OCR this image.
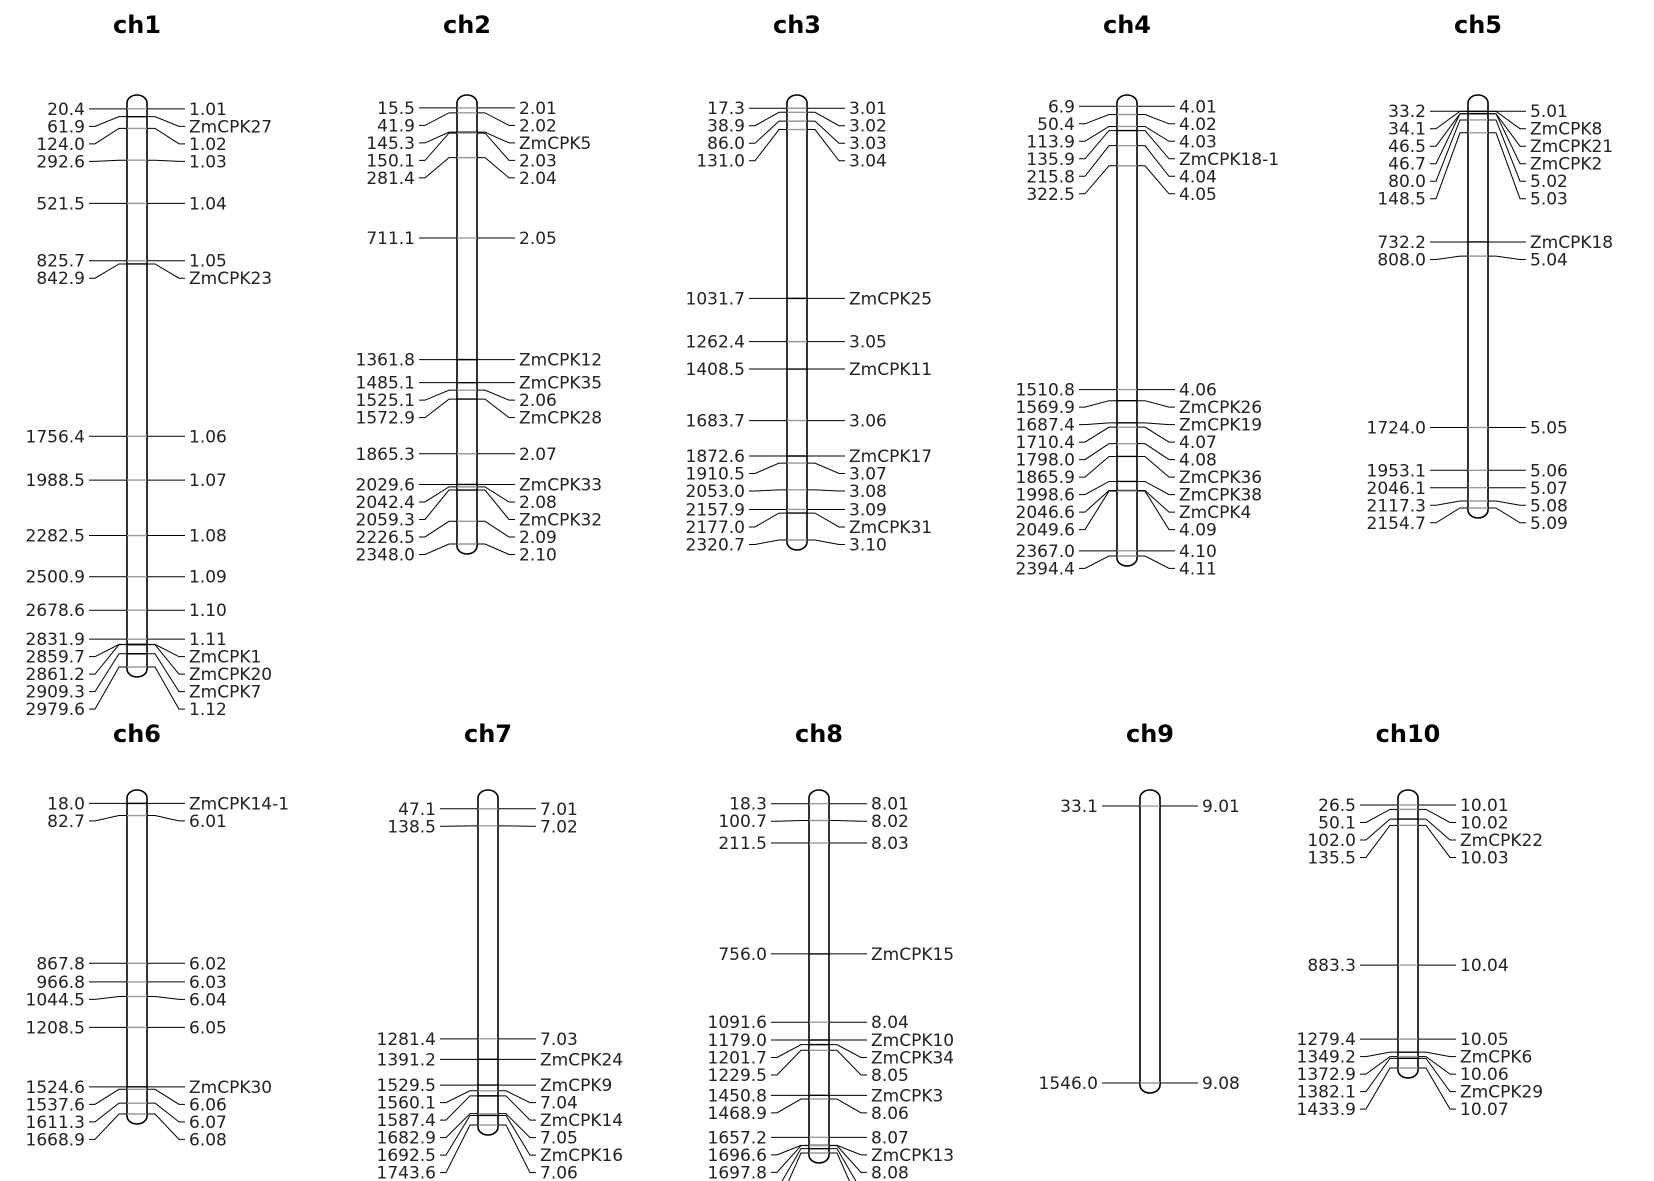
ch1
20.4	1.01
61.9	ZmCPK27
124.0	1.02
292.6	1.03
521.5	1.04
825.7	1.05
842.9	ZmCPK23
1756.4	1.06
1988.5	1.07
2282.5	1.08
2500.9	1.09
2678.6	1.10
2831.9	1.11
2859.7	ZmCPK1
2861.2	ZmCPK20
2909.3	ZmCPK7
2979.6	1.12
ch2
15.5	2.01
41.9	2.02
145.3	ZmCPK5
150.1	2.03
281.4	2.04
711.1	2.05
1361.8	ZmCPK12
1485.1	ZmCPK35
1525.1	2.06
1572.9	ZmCPK28
1865.3	2.07
2029.6	ZmCPK33
2042.4	2.08
2059.3	ZmCPK32
2226.5	2.09
2348.0	2.10
ch3
17.3	3.01
38.9	3.02
86.0	3.03
131.0	3.04
1031.7	ZmCPK25
1262.4	3.05
1408.5	ZmCPK11
1683.7	3.06
1872.6	ZmCPK17
1910.5	3.07
2053.0	3.08
2157.9	3.09
2177.0	ZmCPK31
2320.7	3.10
ch4
6.9	4.01
50.4	4.02
113.9	4.03
135.9	ZmCPK18-1
215.8	4.04
322.5	4.05
1510.8	4.06
1569.9	ZmCPK26
1687.4	ZmCPK19
1710.4	4.07
1798.0	4.08
1865.9	ZmCPK36
1998.6	ZmCPK38
2046.6	ZmCPK4
2049.6	4.09
2367.0	4.10
2394.4	4.11
ch5
33.2	5.01
34.1	ZmCPK8
46.5	ZmCPK21
46.7	ZmCPK2
80.0	5.02
148.5	5.03
732.2	ZmCPK18
808.0	5.04
1724.0	5.05
1953.1	5.06
2046.1	5.07
2117.3	5.08
2154.7	5.09
ch6
18.0	ZmCPK14-1
82.7	6.01
867.8	6.02
966.8	6.03
1044.5	6.04
1208.5	6.05
1524.6	ZmCPK30
1537.6	6.06
1611.3	6.07
1668.9	6.08
ch7
47.1	7.01
138.5	7.02
1281.4	7.03
1391.2	ZmCPK24
1529.5	ZmCPK9
1560.1	7.04
1587.4	ZmCPK14
1682.9	7.05
1692.5	ZmCPK16
1743.6	7.06
ch8
18.3	8.01
100.7	8.02
211.5	8.03
756.0	ZmCPK15
1091.6	8.04
1179.0	ZmCPK10
1201.7	ZmCPK34
1229.5	8.05
1450.8	ZmCPK3
1468.9	8.06
1657.2	8.07
1696.6	ZmCPK13
1697.8	8.08
ch9
33.1	9.01
1546.0	9.08
ch10
26.5	10.01
50.1	10.02
102.0	ZmCPK22
135.5	10.03
883.3	10.04
1279.4	10.05
1349.2	ZmCPK6
1372.9	10.06
1382.1	ZmCPK29
1433.9	10.07
